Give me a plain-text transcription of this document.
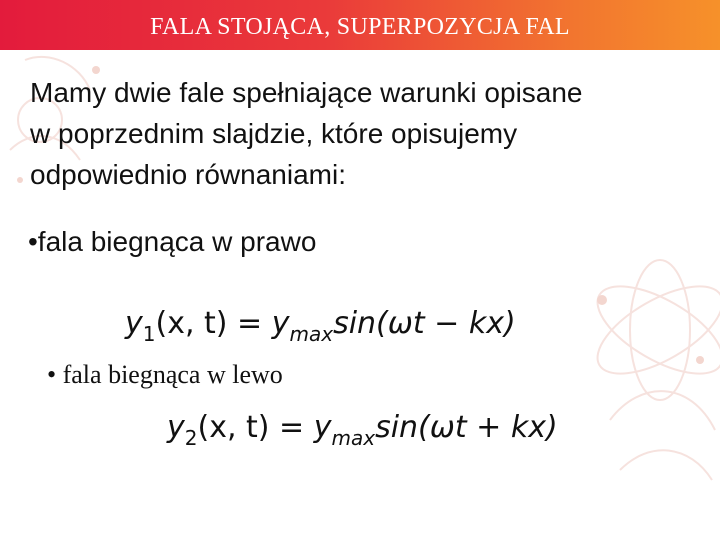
FALA STOJĄCA, SUPERPOZYCJA FAL
Mamy dwie fale spełniające warunki opisane
w poprzednim slajdzie, które opisujemy
odpowiednio równaniami:
•fala biegnąca w prawo
$y_1(x$, $t) = y_{max}\sin(\omega t - kx)$
• fala biegnąca w lewo
$y_2(x$, $t) = y_{max}\sin(\omega t + kx)$
